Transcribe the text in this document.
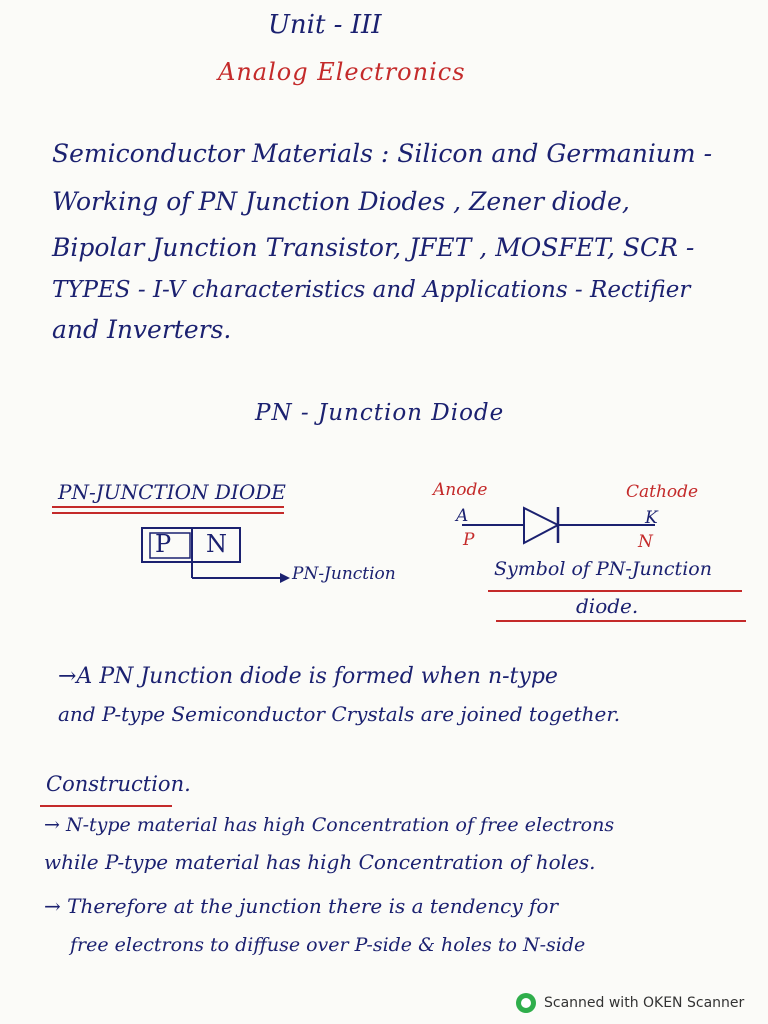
Unit - III
Analog Electronics
Semiconductor Materials : Silicon and Germanium -
Working of PN Junction Diodes , Zener diode,
Bipolar Junction Transistor, JFET , MOSFET, SCR -
TYPES - I-V characteristics and Applications - Rectifier
and Inverters.
PN - Junction Diode
PN-JUNCTION DIODE
P N
PN-Junction
Anode	Cathode
A
P
K
N
Symbol of PN-Junction
diode.
→A PN Junction diode is formed when n-type
and P-type Semiconductor Crystals are joined together.
Construction.
→ N-type material has high Concentration of free electrons
while P-type material has high Concentration of holes.
→ Therefore at the junction there is a tendency for
free electrons to diffuse over P-side & holes to N-side
Scanned with OKEN Scanner
